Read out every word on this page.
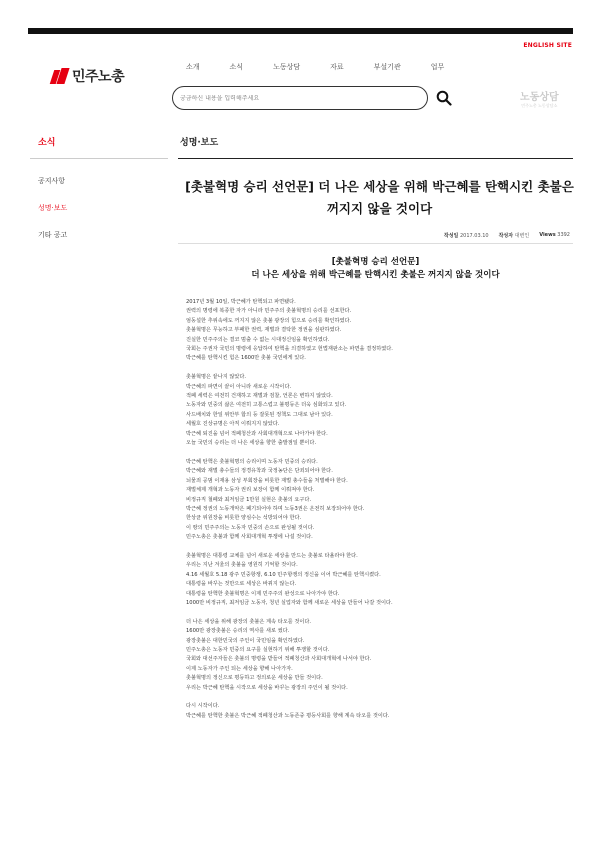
ENGLISH SITE
민주노총
소개	소식	노동상담	자료	부설기관	업무
궁금하신 내용을 입력해주세요
노동상담
민주노총 노동상담소
소식
공지사항
성명·보도
기타 공고
성명·보도
[촛불혁명 승리 선언문] 더 나은 세상을 위해 박근혜를 탄핵시킨 촛불은
꺼지지 않을 것이다
작성일 2017.03.10 작성자 대변인 Views 3392
[촛불혁명 승리 선언문]
더 나은 세상을 위해 박근혜를 탄핵시킨 촛불은 꺼지지 않을 것이다

2017년 3월 10일, 박근혜가 탄핵되고 파면됐다.

권력의 명령에 복종한 자가 아니라 민주주의 촛불혁명의 승리를 선포한다.

엄동설한 추위속에도 꺼지지 않은 촛불 광장의 힘으로 승리를 확인하였다.

촛불혁명은 무능하고 부패한 권력, 재벌과 결탁한 정권을 심판하였다.

진실한 민주주의는 결코 멈출 수 없는 시대정신임을 확인하였다.

국회는 주권자 국민의 명령에 응답하여 탄핵을 의결하였고 헌법재판소는 파면을 결정하였다.

박근혜를 탄핵시킨 힘은 1600만 촛불 국민에게 있다.

촛불혁명은 끝나지 않았다.

박근혜의 파면이 끝이 아니라 새로운 시작이다.

적폐 세력은 여전히 건재하고 재벌과 검찰, 언론은 변하지 않았다.

노동자와 민중의 삶은 여전히 고통스럽고 불평등은 더욱 심화되고 있다.

사드배치와 한일 위안부 합의 등 잘못된 정책도 그대로 남아 있다.

세월호 진상규명은 아직 이뤄지지 않았다.

박근혜 퇴진을 넘어 적폐청산과 사회대개혁으로 나아가야 한다.

오늘 국민의 승리는 더 나은 세상을 향한 출발점일 뿐이다.

박근혜 탄핵은 촛불혁명의 승리이며 노동자 민중의 승리다.

박근혜와 재벌 총수들의 정경유착과 국정농단은 단죄되어야 한다.

뇌물죄 공범 이재용 삼성 부회장을 비롯한 재벌 총수들을 처벌해야 한다.

재벌체제 개혁과 노동자 권리 보장이 함께 이뤄져야 한다.

비정규직 철폐와 최저임금 1만원 실현은 촛불의 요구다.

박근혜 정권의 노동개악은 폐기되어야 하며 노동3권은 온전히 보장되어야 한다.

한상균 위원장을 비롯한 양심수는 석방되어야 한다.

이 땅의 민주주의는 노동자 민중의 손으로 완성될 것이다.

민주노총은 촛불과 함께 사회대개혁 투쟁에 나설 것이다.

촛불혁명은 대통령 교체를 넘어 새로운 세상을 만드는 촛불로 타올라야 한다.

우리는 지난 겨울의 촛불을 영원히 기억할 것이다.

4.16 세월호 5.18 광주 민중항쟁, 6.10 민주항쟁의 정신을 이어 박근혜를 탄핵시켰다.

대통령을 바꾸는 것만으로 세상은 바뀌지 않는다.

대통령을 탄핵한 촛불혁명은 이제 민주주의 완성으로 나아가야 한다.

1000만 비정규직, 최저임금 노동자, 청년 실업자와 함께 새로운 세상을 만들어 나갈 것이다.

더 나은 세상을 위해 광장의 촛불은 계속 타오를 것이다.

1600만 광장촛불은 승리의 역사를 새로 썼다.

광장촛불은 대한민국의 주인이 국민임을 확인하였다.

민주노총은 노동자 민중의 요구를 실현하기 위해 투쟁할 것이다.

국회와 대선주자들은 촛불의 명령을 받들어 적폐청산과 사회대개혁에 나서야 한다.

이제 노동자가 주인 되는 세상을 향해 나아가자.

촛불혁명의 정신으로 평등하고 정의로운 세상을 만들 것이다.

우리는 박근혜 탄핵을 시작으로 세상을 바꾸는 광장의 주인이 될 것이다.

다시 시작이다.

박근혜를 탄핵한 촛불은 박근혜 적폐청산과 노동존중 평등사회를 향해 계속 타오를 것이다.
